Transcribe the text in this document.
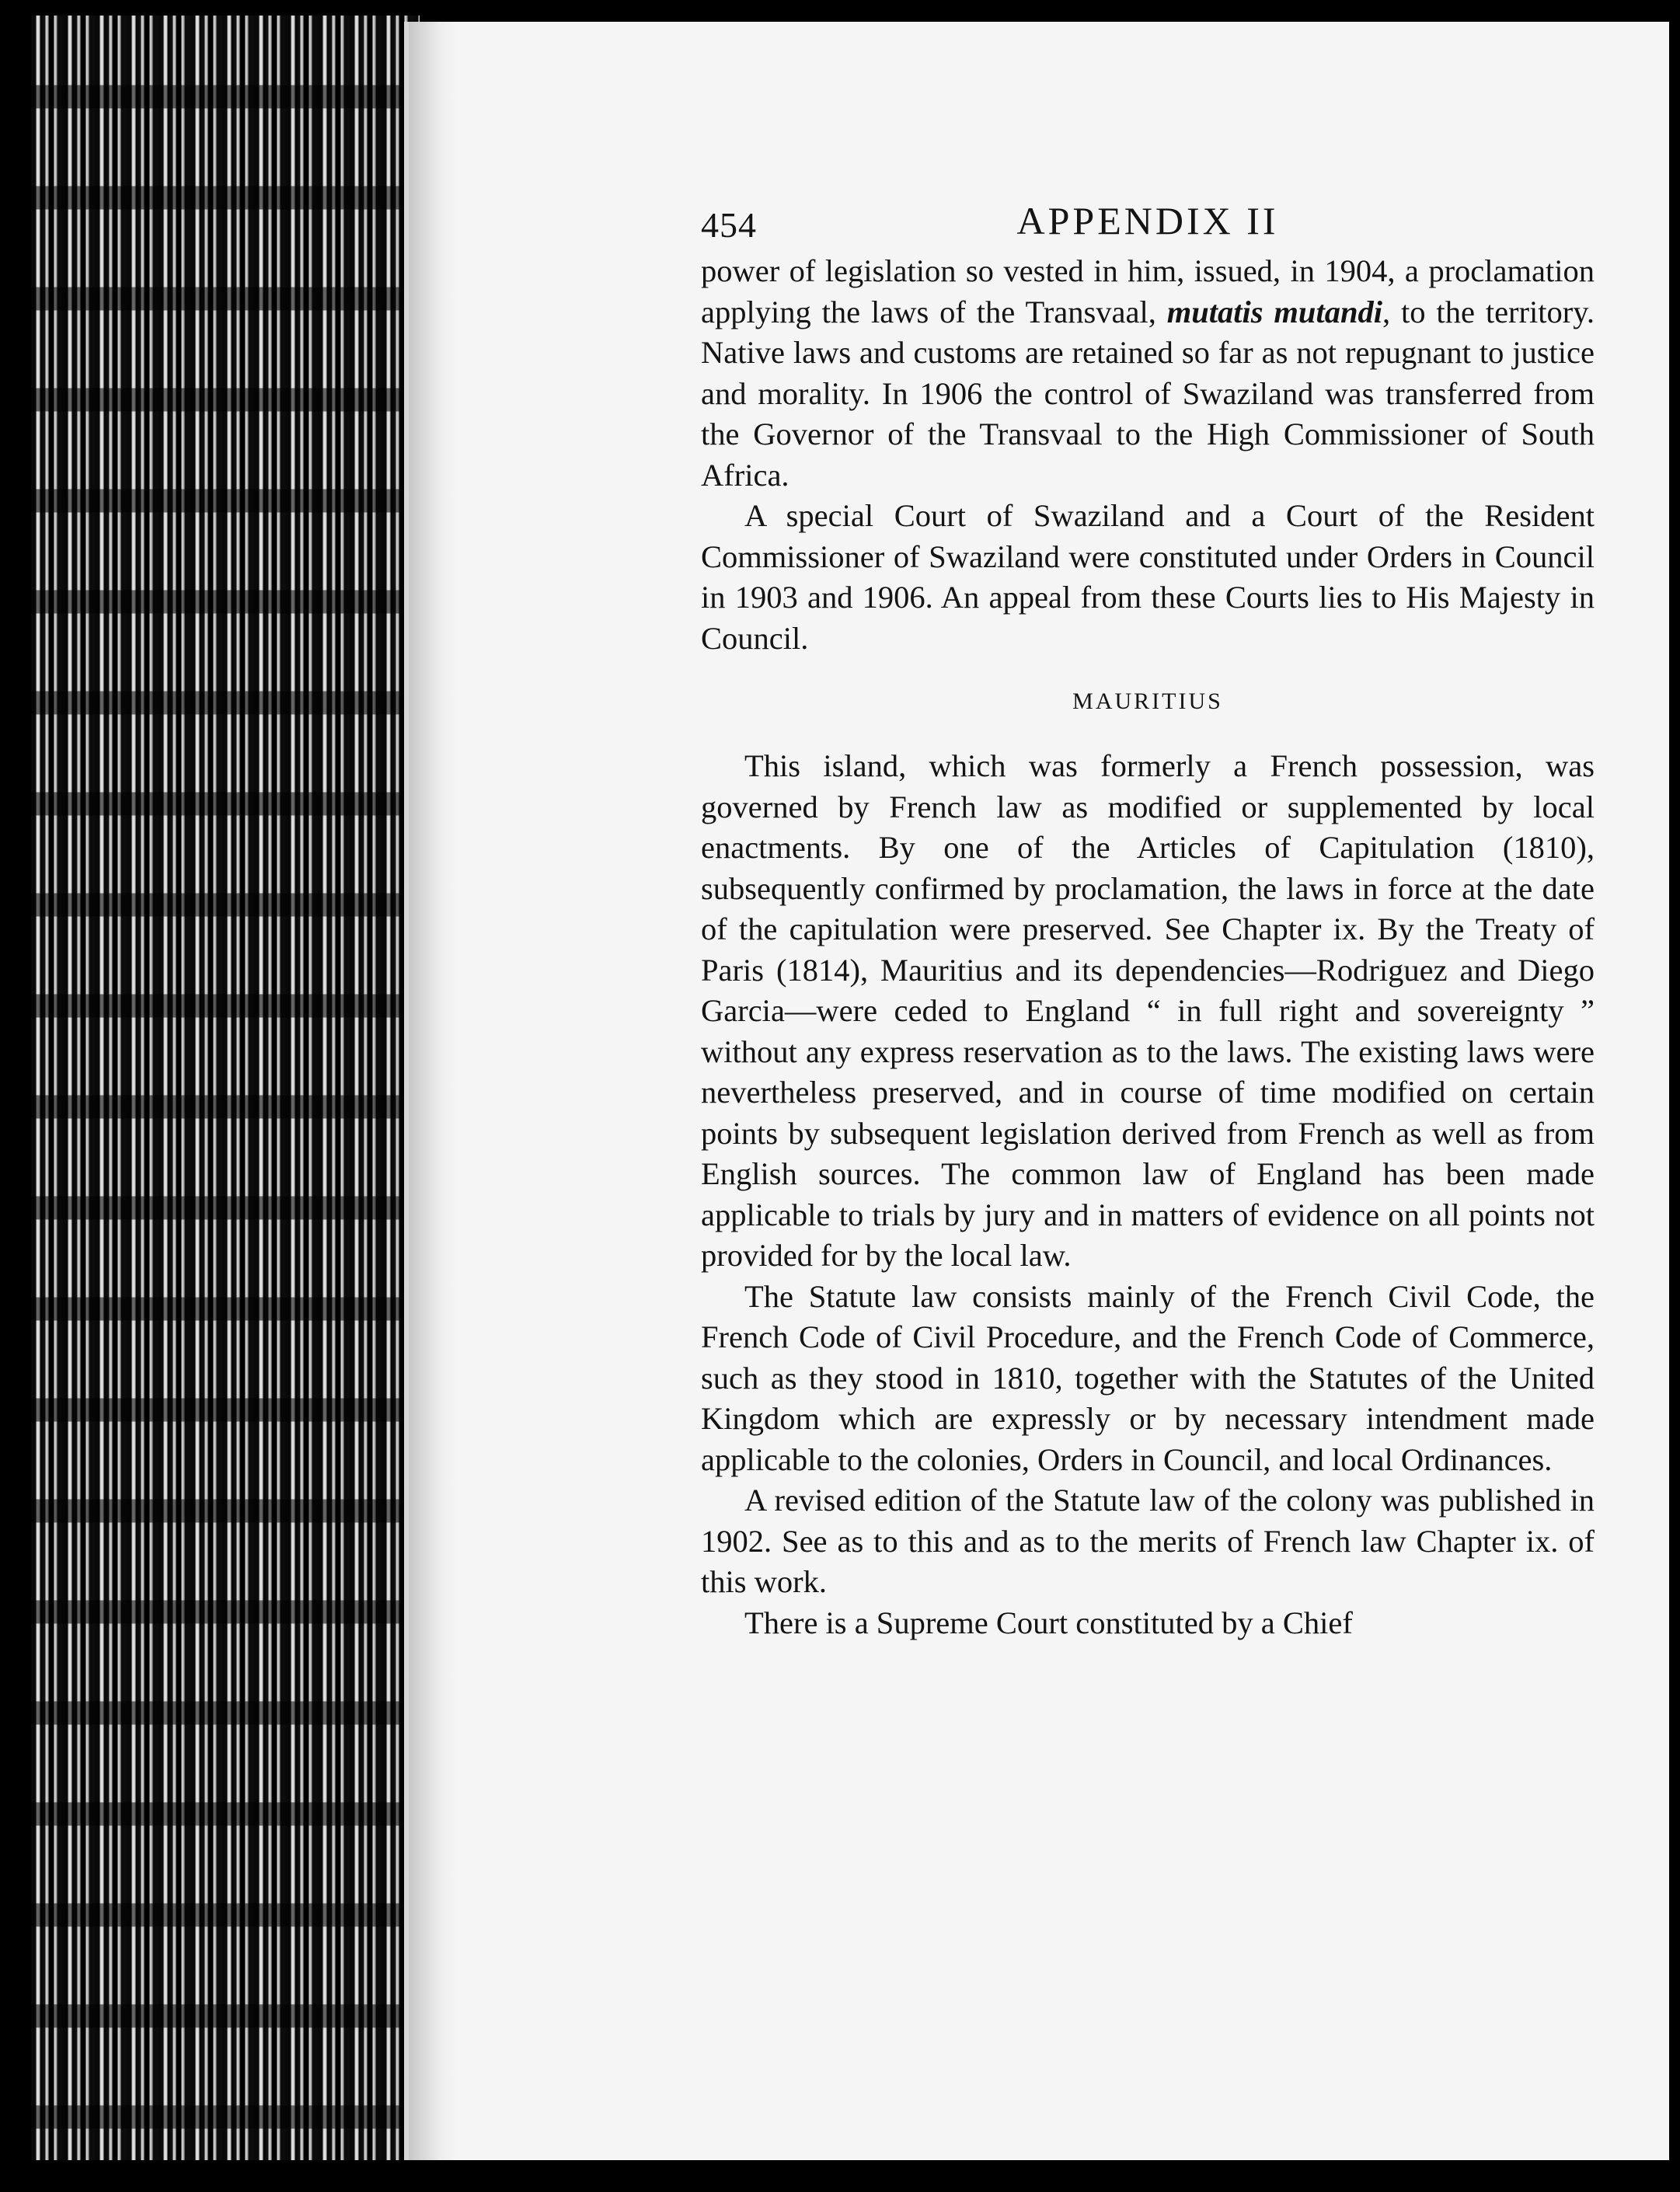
454	APPENDIX II

power of legislation so vested in him, issued, in 1904, a proclamation applying the laws of the Transvaal, mutatis mutandi, to the territory. Native laws and customs are retained so far as not repugnant to justice and morality. In 1906 the control of Swaziland was transferred from the Governor of the Transvaal to the High Commissioner of South Africa.

A special Court of Swaziland and a Court of the Resident Commissioner of Swaziland were constituted under Orders in Council in 1903 and 1906. An appeal from these Courts lies to His Majesty in Council.

MAURITIUS

This island, which was formerly a French possession, was governed by French law as modified or supplemented by local enactments. By one of the Articles of Capitulation (1810), subsequently confirmed by proclamation, the laws in force at the date of the capitulation were preserved. See Chapter ix. By the Treaty of Paris (1814), Mauritius and its dependencies—Rodriguez and Diego Garcia—were ceded to England “ in full right and sovereignty ” without any express reservation as to the laws. The existing laws were nevertheless preserved, and in course of time modified on certain points by subsequent legislation derived from French as well as from English sources. The common law of England has been made applicable to trials by jury and in matters of evidence on all points not provided for by the local law.

The Statute law consists mainly of the French Civil Code, the French Code of Civil Procedure, and the French Code of Commerce, such as they stood in 1810, together with the Statutes of the United Kingdom which are expressly or by necessary intendment made applicable to the colonies, Orders in Council, and local Ordinances.

A revised edition of the Statute law of the colony was published in 1902. See as to this and as to the merits of French law Chapter ix. of this work.

There is a Supreme Court constituted by a Chief
